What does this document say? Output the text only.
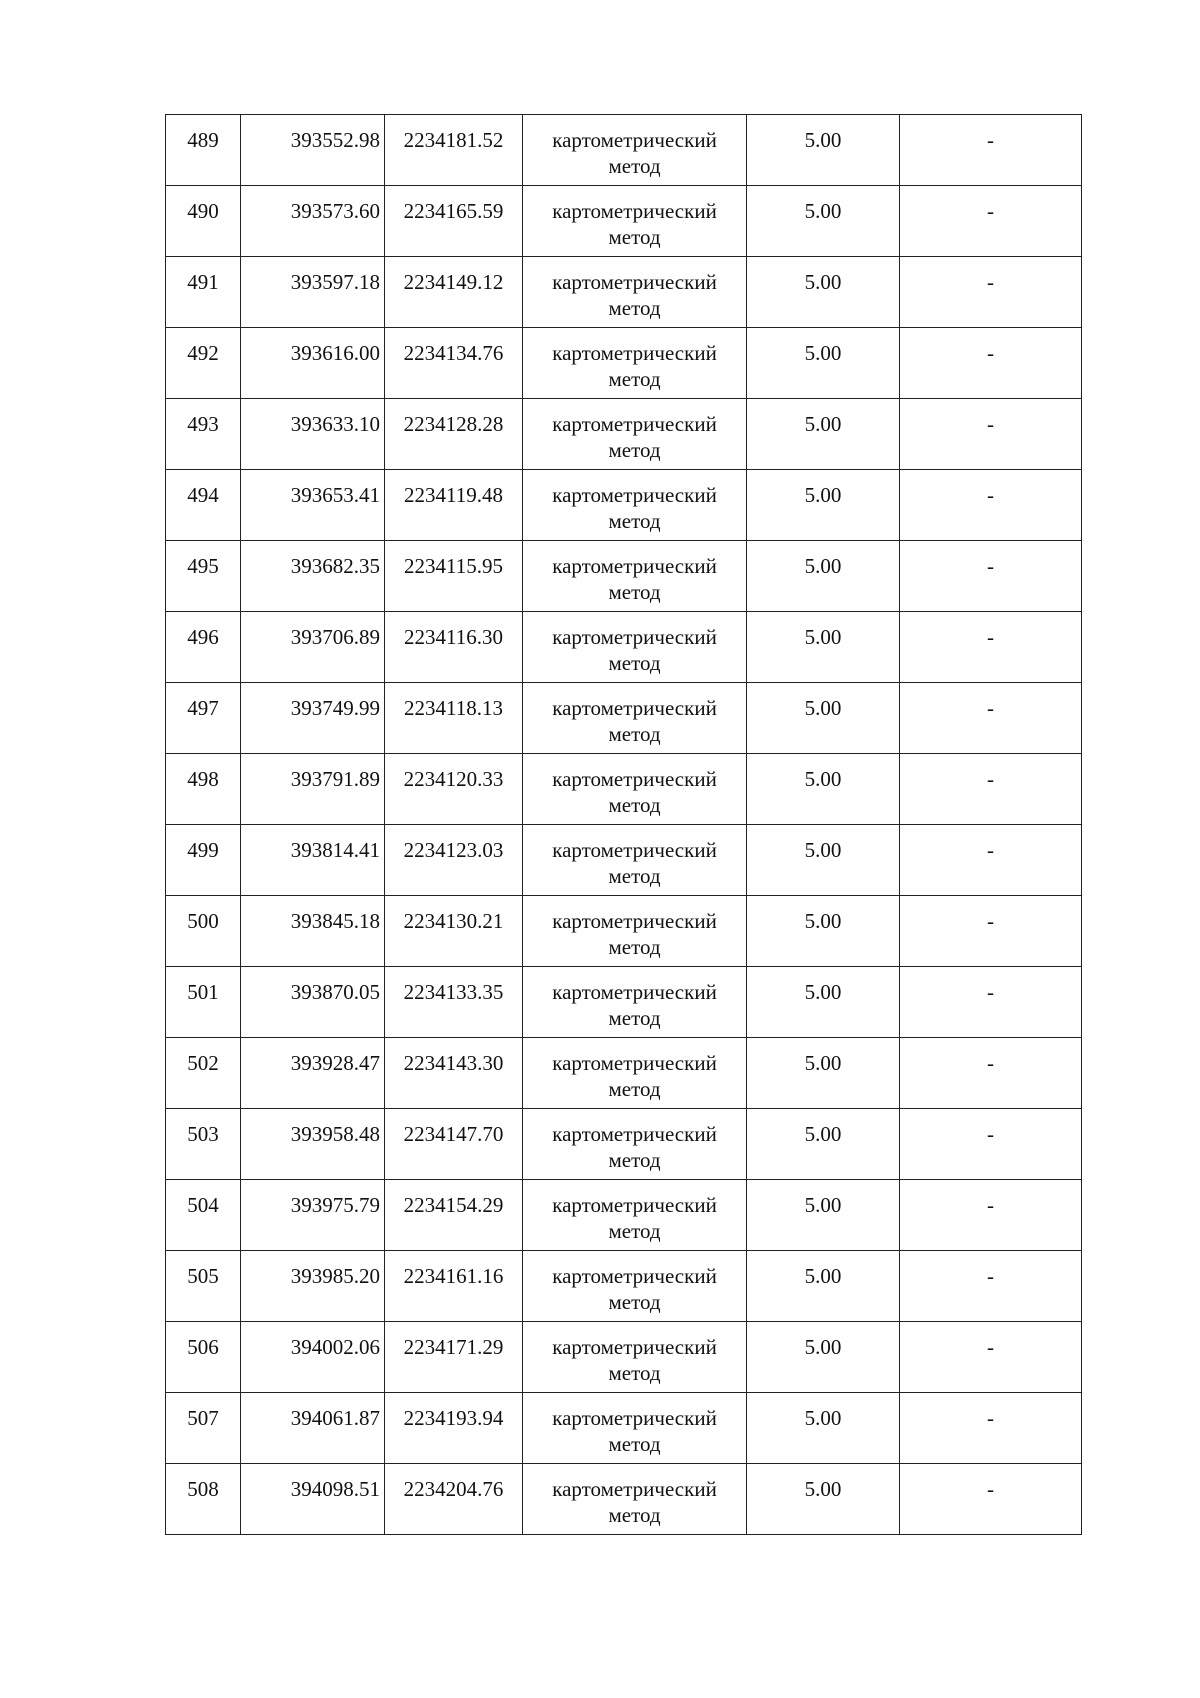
489	393552.98	2234181.52	картометрический
метод	5.00	-
490	393573.60	2234165.59	картометрический
метод	5.00	-
491	393597.18	2234149.12	картометрический
метод	5.00	-
492	393616.00	2234134.76	картометрический
метод	5.00	-
493	393633.10	2234128.28	картометрический
метод	5.00	-
494	393653.41	2234119.48	картометрический
метод	5.00	-
495	393682.35	2234115.95	картометрический
метод	5.00	-
496	393706.89	2234116.30	картометрический
метод	5.00	-
497	393749.99	2234118.13	картометрический
метод	5.00	-
498	393791.89	2234120.33	картометрический
метод	5.00	-
499	393814.41	2234123.03	картометрический
метод	5.00	-
500	393845.18	2234130.21	картометрический
метод	5.00	-
501	393870.05	2234133.35	картометрический
метод	5.00	-
502	393928.47	2234143.30	картометрический
метод	5.00	-
503	393958.48	2234147.70	картометрический
метод	5.00	-
504	393975.79	2234154.29	картометрический
метод	5.00	-
505	393985.20	2234161.16	картометрический
метод	5.00	-
506	394002.06	2234171.29	картометрический
метод	5.00	-
507	394061.87	2234193.94	картометрический
метод	5.00	-
508	394098.51	2234204.76	картометрический
метод	5.00	-
